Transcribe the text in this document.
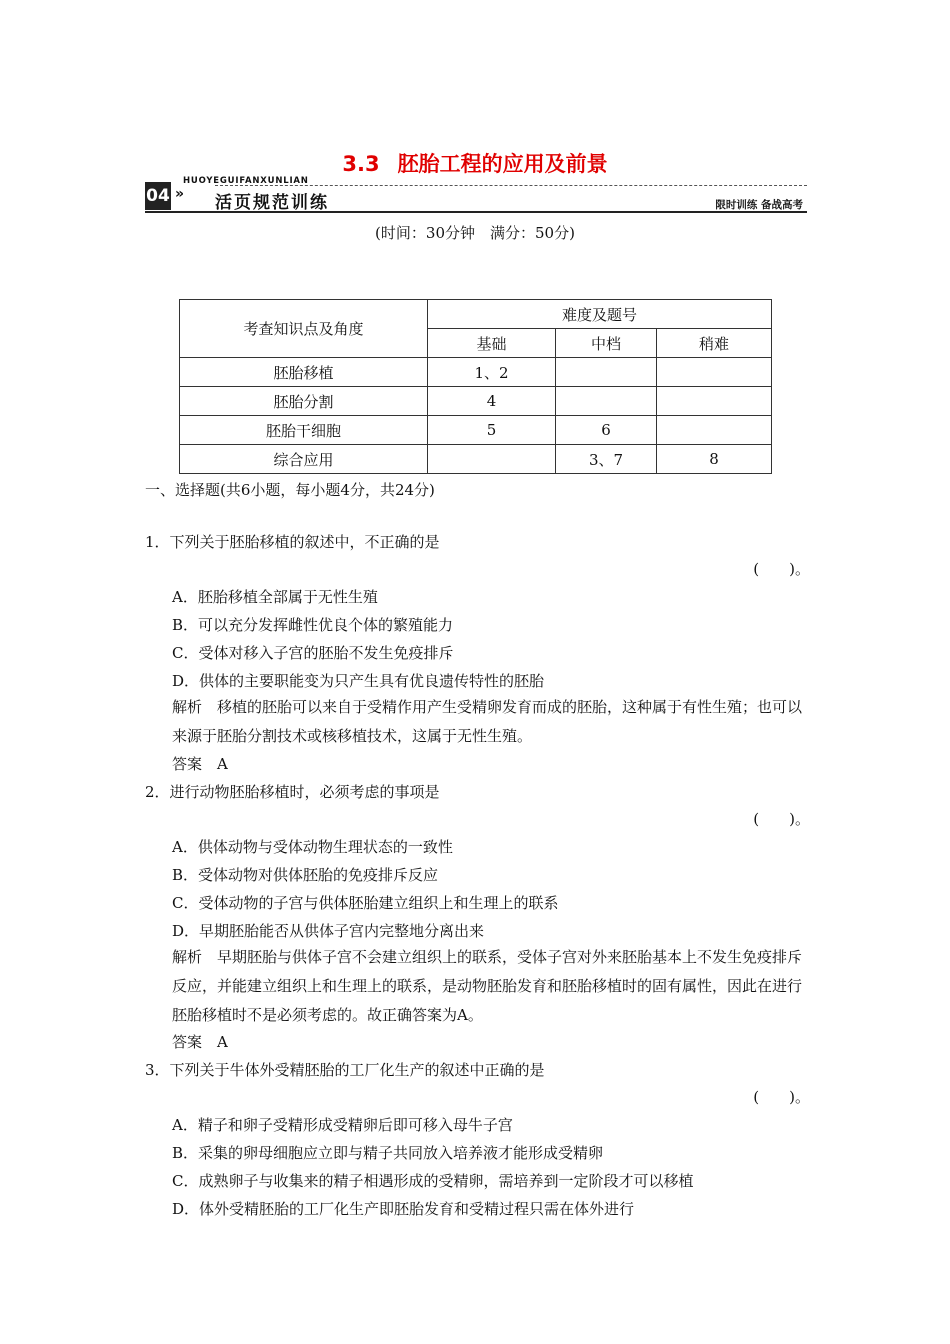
3.3 胚胎工程的应用及前景
04 »
HUOYEGUIFANXUNLIAN
活页规范训练	限时训练 备战高考
(时间：30分钟　满分：50分)
考查知识点及角度	难度及题号		
	基础	中档	稍难
胚胎移植	1、2		
胚胎分割	4		
胚胎干细胞	5	6	
综合应用		3、7	8
一、选择题(共6小题，每小题4分，共24分)
1．下列关于胚胎移植的叙述中，不正确的是
(　　)。
A．胚胎移植全部属于无性生殖
B．可以充分发挥雌性优良个体的繁殖能力
C．受体对移入子宫的胚胎不发生免疫排斥
D．供体的主要职能变为只产生具有优良遗传特性的胚胎
解析　移植的胚胎可以来自于受精作用产生受精卵发育而成的胚胎，这种属于有性生殖；也可以来源于胚胎分割技术或核移植技术，这属于无性生殖。
答案　A
2．进行动物胚胎移植时，必须考虑的事项是
(　　)。
A．供体动物与受体动物生理状态的一致性
B．受体动物对供体胚胎的免疫排斥反应
C．受体动物的子宫与供体胚胎建立组织上和生理上的联系
D．早期胚胎能否从供体子宫内完整地分离出来
解析　早期胚胎与供体子宫不会建立组织上的联系，受体子宫对外来胚胎基本上不发生免疫排斥反应，并能建立组织上和生理上的联系，是动物胚胎发育和胚胎移植时的固有属性，因此在进行胚胎移植时不是必须考虑的。故正确答案为A。
答案　A
3．下列关于牛体外受精胚胎的工厂化生产的叙述中正确的是
(　　)。
A．精子和卵子受精形成受精卵后即可移入母牛子宫
B．采集的卵母细胞应立即与精子共同放入培养液才能形成受精卵
C．成熟卵子与收集来的精子相遇形成的受精卵，需培养到一定阶段才可以移植
D．体外受精胚胎的工厂化生产即胚胎发育和受精过程只需在体外进行
